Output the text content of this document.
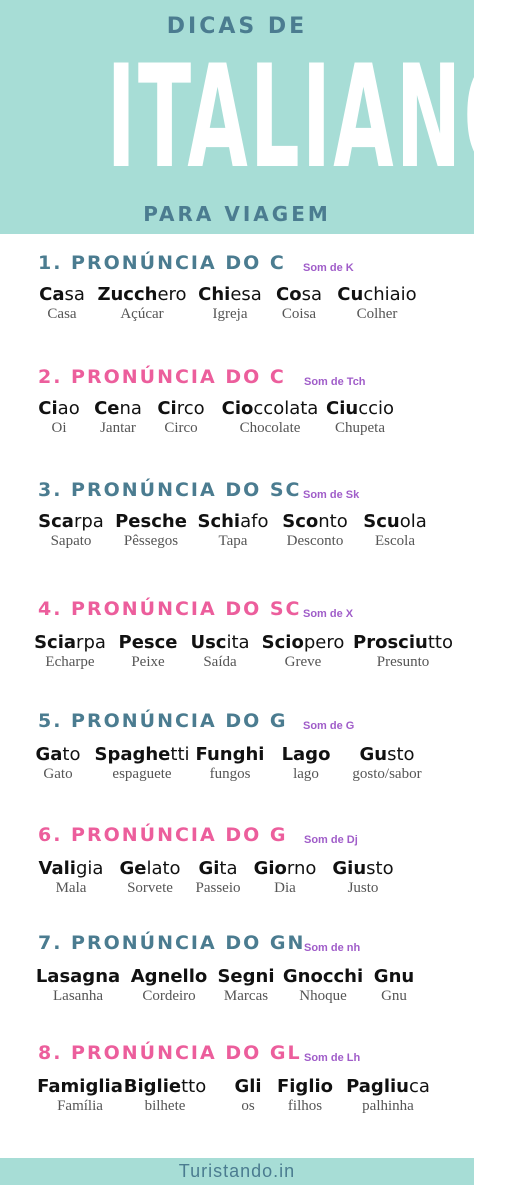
DICAS DE
ITALIANO
PARA VIAGEM
1. PRONÚNCIA DO C Som de K
Casa
Casa
Zucchero
Açúcar
Chiesa
Igreja
Cosa
Coisa
Cuchiaio
Colher
2. PRONÚNCIA DO C Som de Tch
Ciao
Oi
Cena
Jantar
Circo
Circo
Cioccolata
Chocolate
Ciuccio
Chupeta
3. PRONÚNCIA DO SC Som de Sk
Scarpa
Sapato
Pesche
Pêssegos
Schiafo
Tapa
Sconto
Desconto
Scuola
Escola
4. PRONÚNCIA DO SC Som de X
Sciarpa
Echarpe
Pesce
Peixe
Uscita
Saída
Sciopero
Greve
Prosciutto
Presunto
5. PRONÚNCIA DO G Som de G
Gato
Gato
Spaghetti
espaguete
Funghi
fungos
Lago
lago
Gusto
gosto/sabor
6. PRONÚNCIA DO G Som de Dj
Valigia
Mala
Gelato
Sorvete
Gita
Passeio
Giorno
Dia
Giusto
Justo
7. PRONÚNCIA DO GN
Som de nh
Lasagna
Lasanha
Agnello
Cordeiro
Segni
Marcas
Gnocchi
Nhoque
Gnu
Gnu
8. PRONÚNCIA DO GL Som de Lh
Famiglia
Família
Biglietto
bilhete
Gli
os
Figlio
filhos
Pagliuca
palhinha
Turistando.in
